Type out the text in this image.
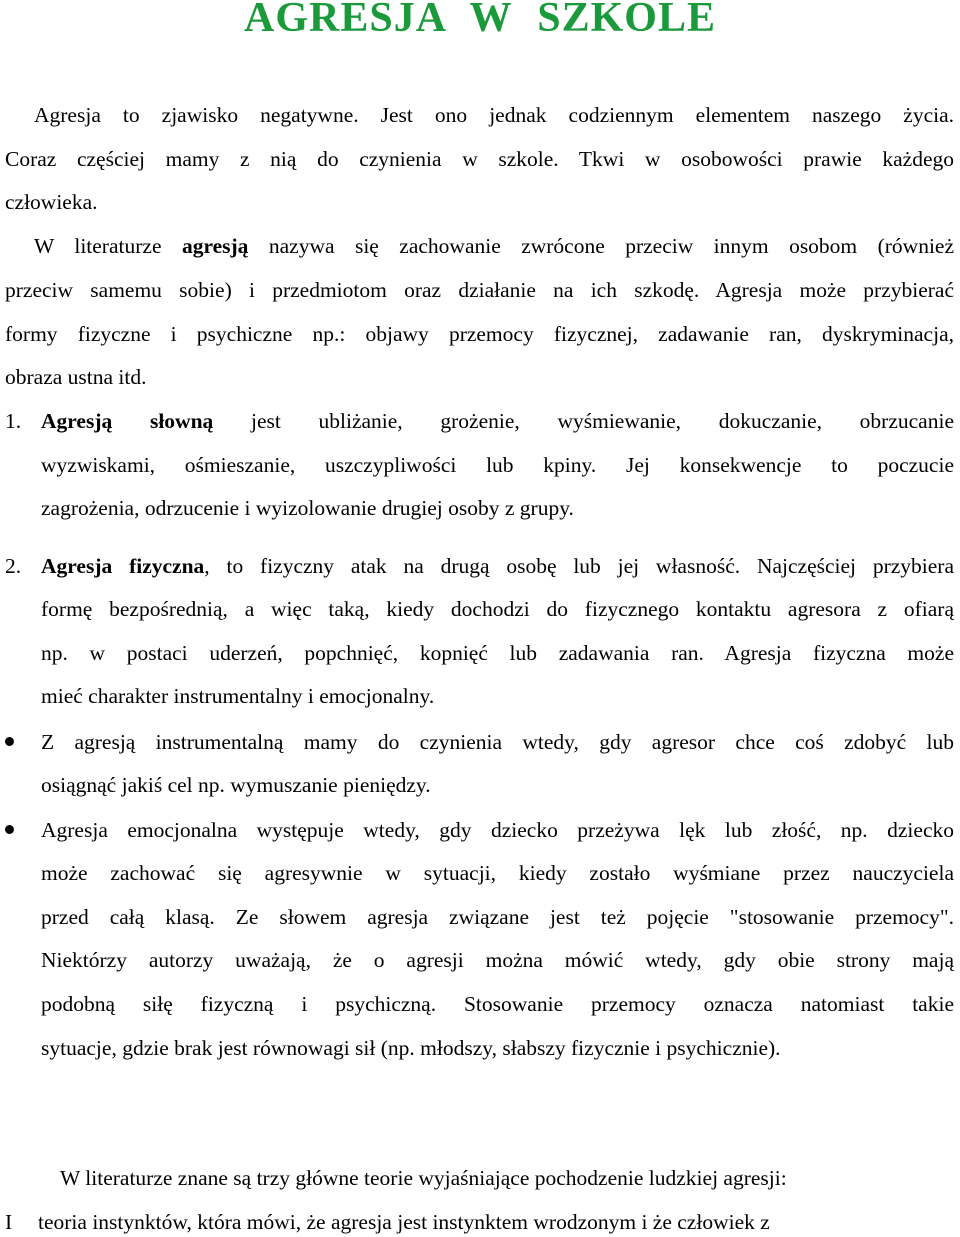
AGRESJA W SZKOLE
Agresja to zjawisko negatywne. Jest ono jednak codziennym elementem naszego życia.
Coraz częściej mamy z nią do czynienia w szkole. Tkwi w osobowości prawie każdego
człowieka.
W literaturze agresją nazywa się zachowanie zwrócone przeciw innym osobom (również
przeciw samemu sobie) i przedmiotom oraz działanie na ich szkodę. Agresja może przybierać
formy fizyczne i psychiczne np.: objawy przemocy fizycznej, zadawanie ran, dyskryminacja,
obraza ustna itd.
1. Agresją słowną jest ubliżanie, grożenie, wyśmiewanie, dokuczanie, obrzucanie
wyzwiskami, ośmieszanie, uszczypliwości lub kpiny. Jej konsekwencje to poczucie
zagrożenia, odrzucenie i wyizolowanie drugiej osoby z grupy.
2. Agresja fizyczna, to fizyczny atak na drugą osobę lub jej własność. Najczęściej przybiera
formę bezpośrednią, a więc taką, kiedy dochodzi do fizycznego kontaktu agresora z ofiarą
np. w postaci uderzeń, popchnięć, kopnięć lub zadawania ran. Agresja fizyczna może
mieć charakter instrumentalny i emocjonalny.
Z agresją instrumentalną mamy do czynienia wtedy, gdy agresor chce coś zdobyć lub
osiągnąć jakiś cel np. wymuszanie pieniędzy.
Agresja emocjonalna występuje wtedy, gdy dziecko przeżywa lęk lub złość, np. dziecko
może zachować się agresywnie w sytuacji, kiedy zostało wyśmiane przez nauczyciela
przed całą klasą. Ze słowem agresja związane jest też pojęcie "stosowanie przemocy".
Niektórzy autorzy uważają, że o agresji można mówić wtedy, gdy obie strony mają
podobną siłę fizyczną i psychiczną. Stosowanie przemocy oznacza natomiast takie
sytuacje, gdzie brak jest równowagi sił (np. młodszy, słabszy fizycznie i psychicznie).
W literaturze znane są trzy główne teorie wyjaśniające pochodzenie ludzkiej agresji:
I teoria instynktów, która mówi, że agresja jest instynktem wrodzonym i że człowiek z
